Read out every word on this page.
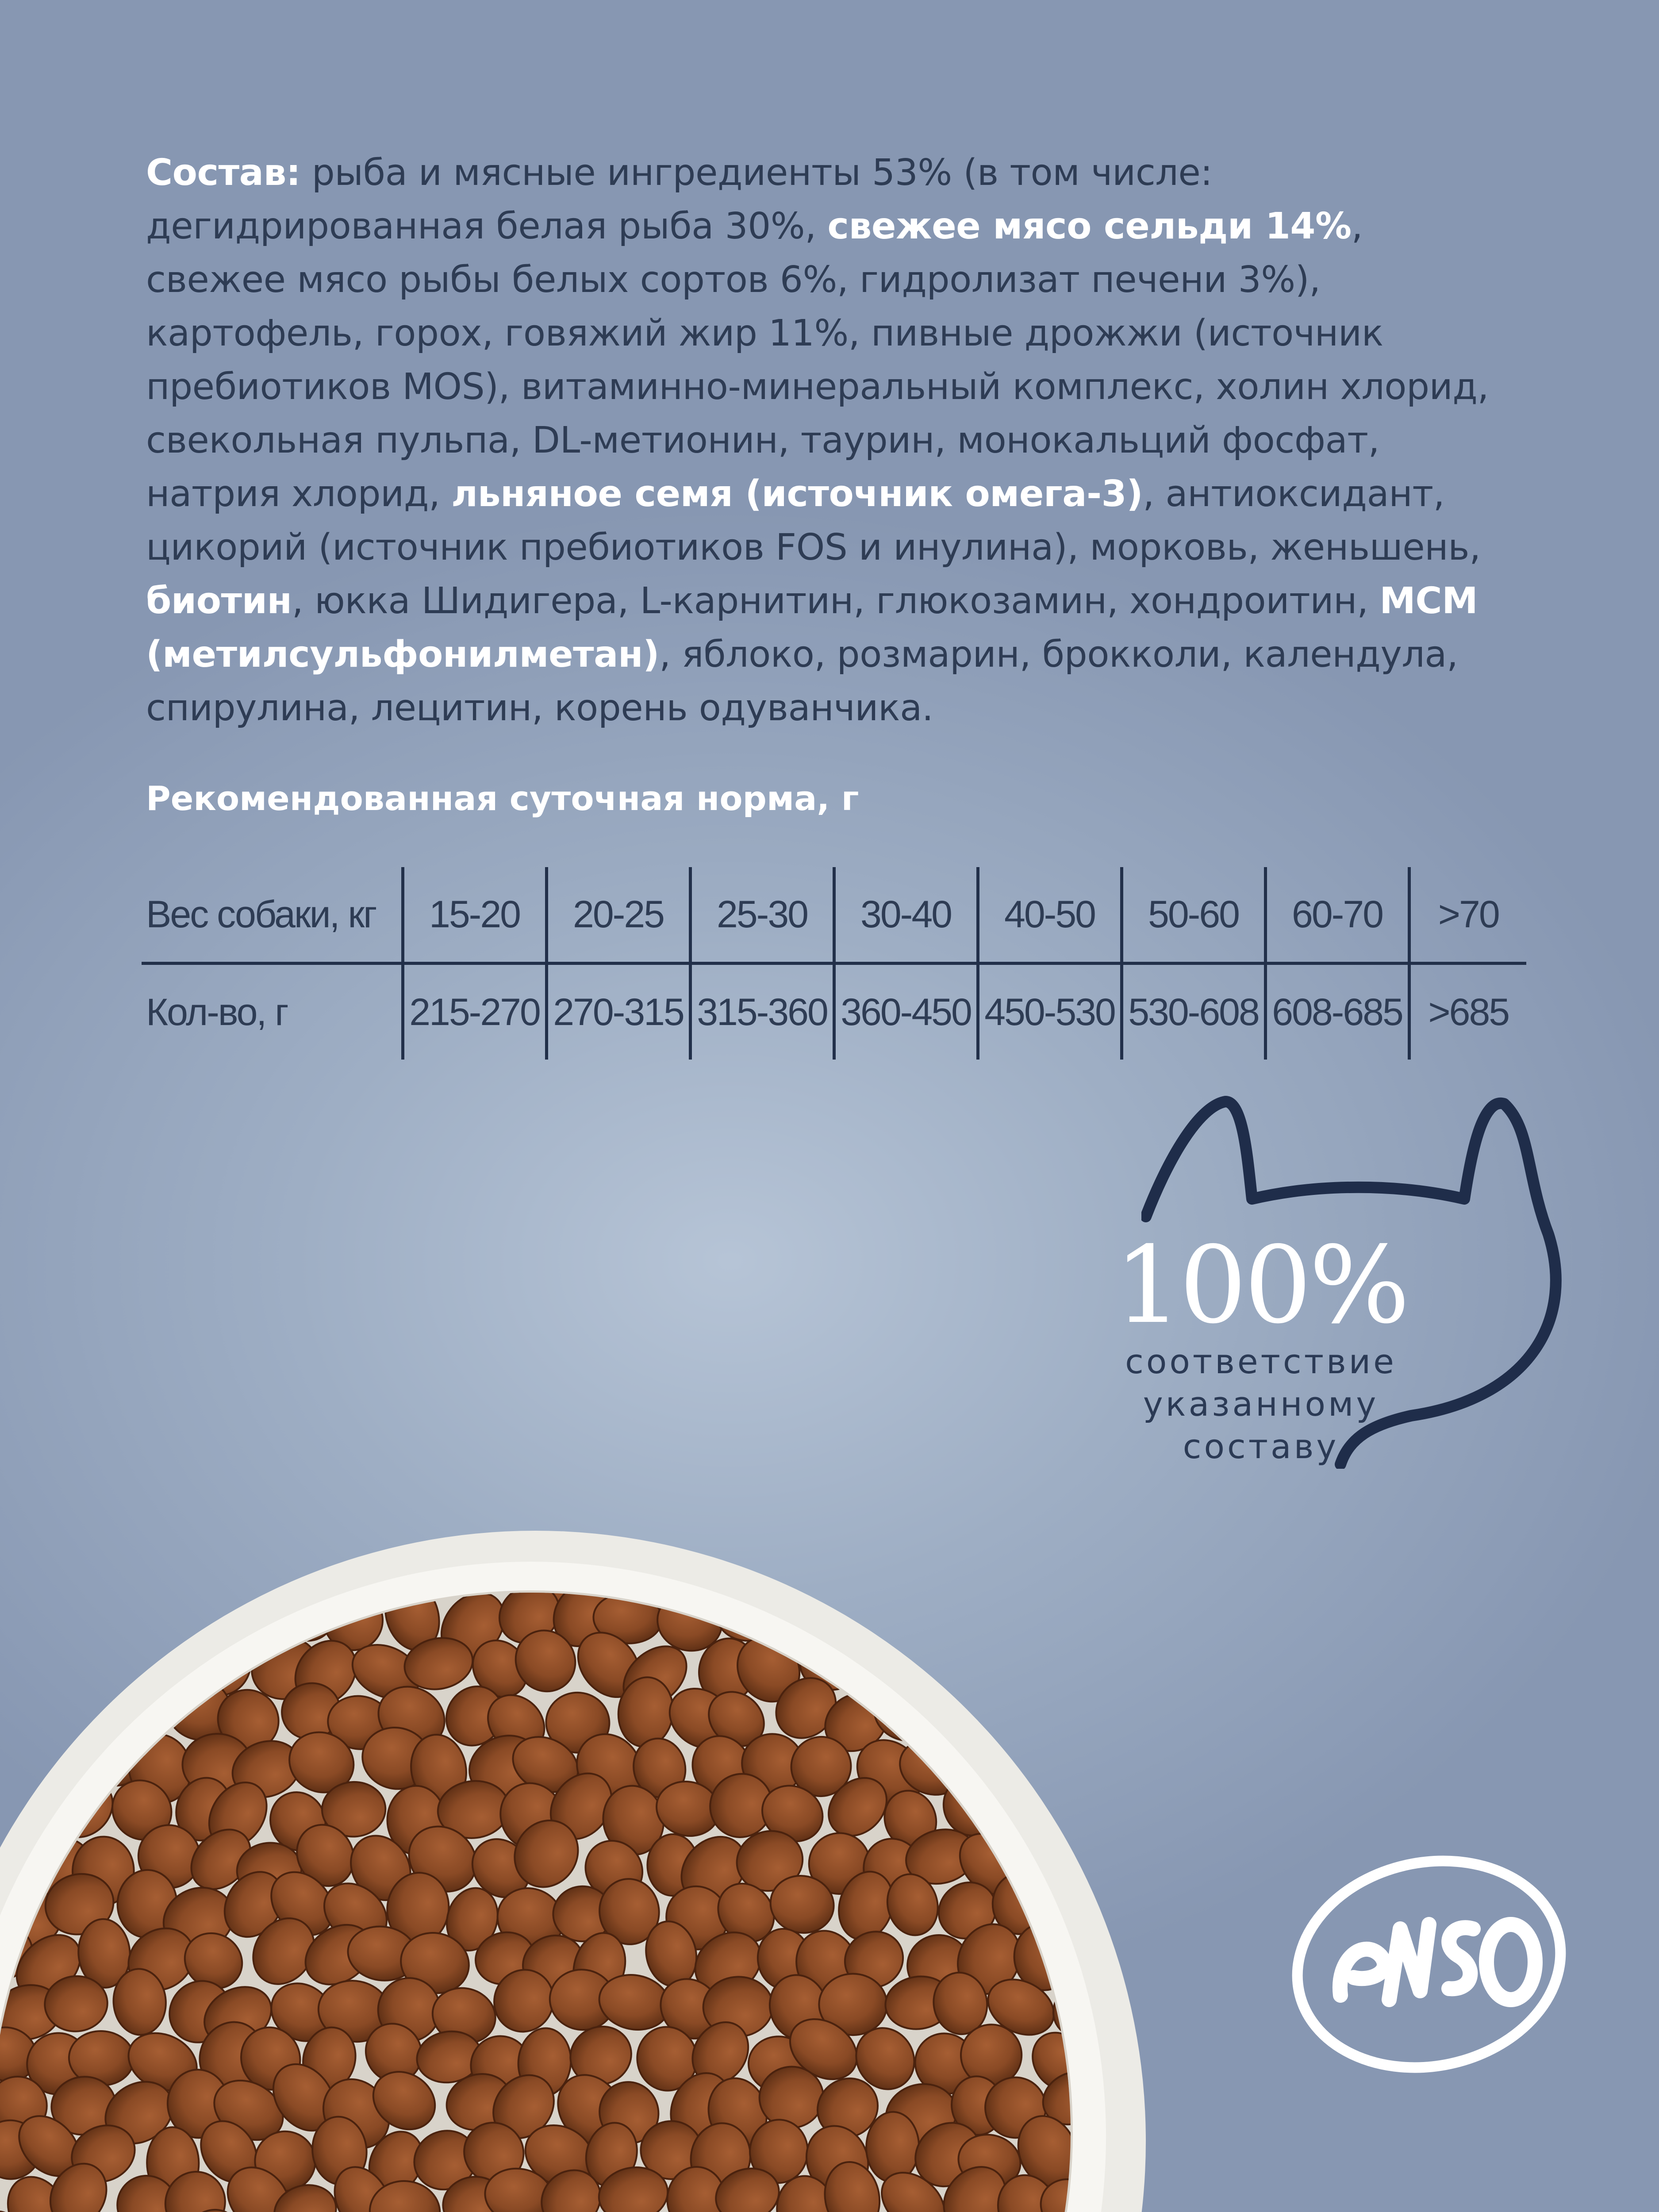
Состав: рыба и мясные ингредиенты 53% (в том числе: дегидрированная белая рыба 30%, свежее мясо сельди 14%, свежее мясо рыбы белых сортов 6%, гидролизат печени 3%), картофель, горох, говяжий жир 11%, пивные дрожжи (источник пребиотиков MOS), витаминно-минеральный комплекс, холин хлорид, свекольная пульпа, DL-метионин, таурин, монокальций фосфат, натрия хлорид, льняное семя (источник омега-3), антиоксидант, цикорий (источник пребиотиков FOS и инулина), морковь, женьшень, биотин, юкка Шидигера, L-карнитин, глюкозамин, хондроитин, MCM (метилсульфонилметан), яблоко, розмарин, брокколи, календула, спирулина, лецитин, корень одуванчика.
Рекомендованная суточная норма, г
Вес собаки, кг	15-20	20-25	25-30	30-40	40-50	50-60	60-70	>70
Кол-во, г	215-270	270-315	315-360	360-450	450-530	530-608	608-685	>685
100%
соответствие
указанному
составу
